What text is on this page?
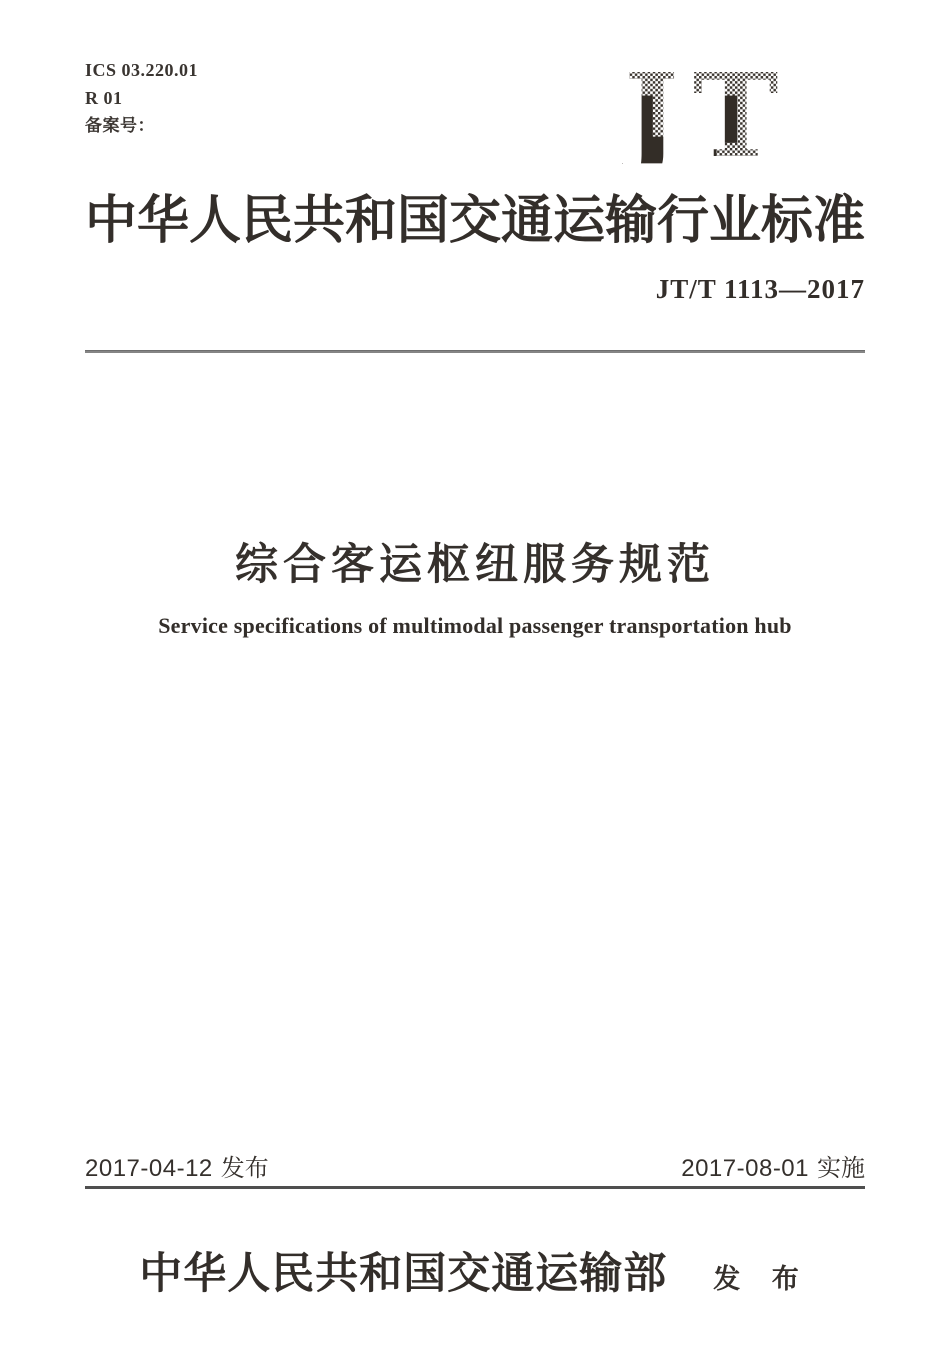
ICS 03.220.01
R 01
备案号：
中华人民共和国交通运输行业标准
JT/T 1113—2017
综合客运枢纽服务规范
Service specifications of multimodal passenger transportation hub
2017-04-12 发布	2017-08-01 实施
中华人民共和国交通运输部 发 布
